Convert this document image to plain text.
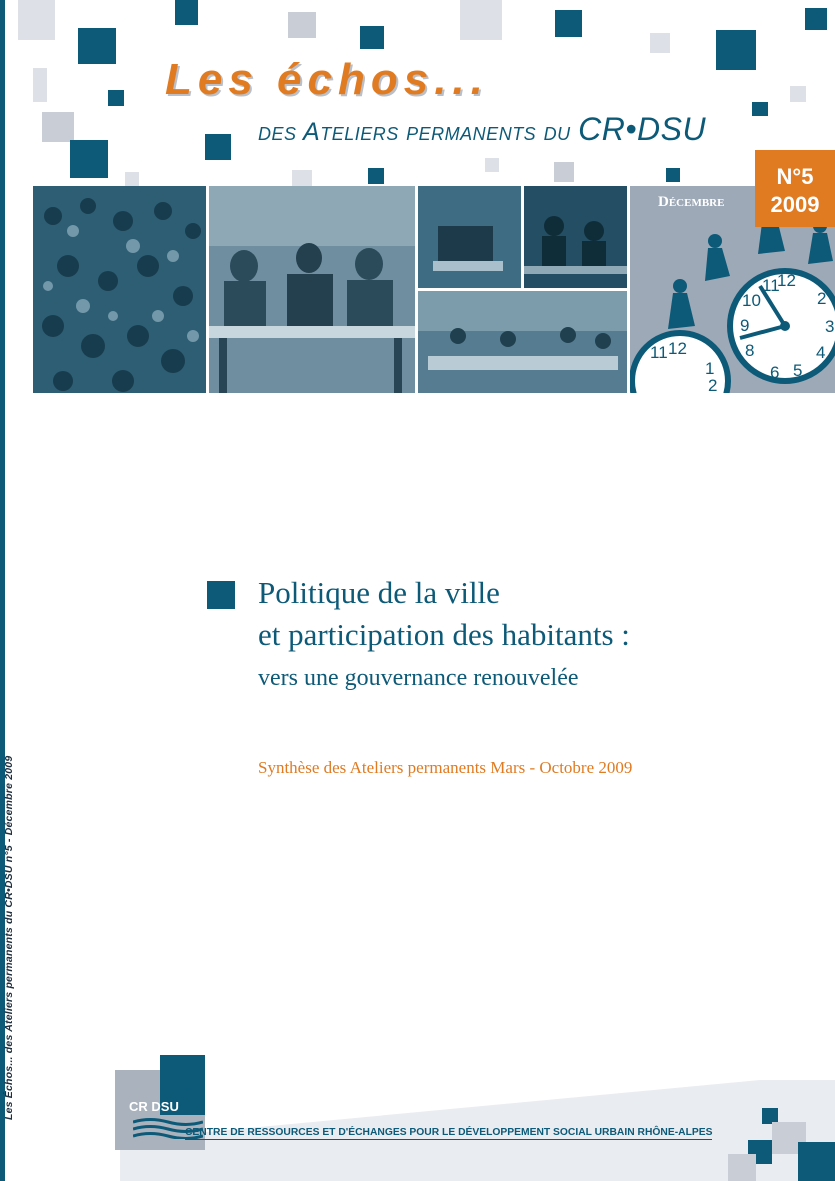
Les Échos... des Ateliers permanents du CR•DSU n°5 - Décembre 2009
Les échos...
des Ateliers permanents du CR•DSU
12
2
3
4
5
6
8
9
10
11
12
11
1
2
N°5
2009
Décembre
Politique de la ville
et participation des habitants :
vers une gouvernance renouvelée
Synthèse des Ateliers permanents Mars - Octobre 2009
CR DSU
CENTRE DE RESSOURCES ET D'ÉCHANGES POUR LE DÉVELOPPEMENT SOCIAL URBAIN RHÔNE-ALPES
